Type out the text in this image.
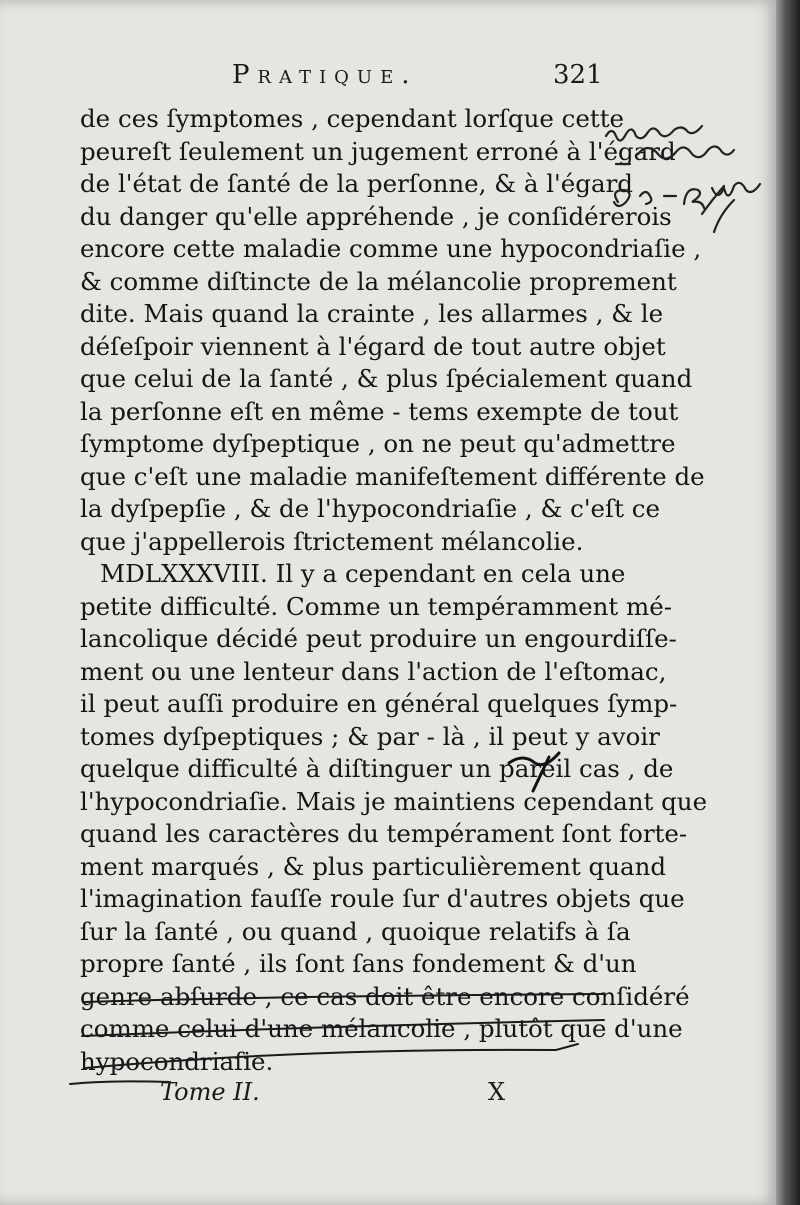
Pratique.	321
de ces ſymptomes , cependant lorſque cette
peureſt ſeulement un jugement erroné à l'égard
de l'état de ſanté de la perſonne, & à l'égard
du danger qu'elle appréhende , je conſidérerois
encore cette maladie comme une hypocondriaſie ,
& comme diſtincte de la mélancolie proprement
dite. Mais quand la crainte , les allarmes , & le
déſeſpoir viennent à l'égard de tout autre objet
que celui de la ſanté , & plus ſpécialement quand
la perſonne eſt en même - tems exempte de tout
ſymptome dyſpeptique , on ne peut qu'admettre
que c'eſt une maladie manifeſtement différente de
la dyſpepſie , & de l'hypocondriaſie , & c'eſt ce
que j'appellerois ſtrictement mélancolie.
MDLXXXVIII. Il y a cependant en cela une
petite difficulté. Comme un tempéramment mé-
lancolique décidé peut produire un engourdiſſe-
ment ou une lenteur dans l'action de l'eſtomac,
il peut auſſi produire en général quelques ſymp-
tomes dyſpeptiques ; & par - là , il peut y avoir
quelque difficulté à diſtinguer un pareil cas , de
l'hypocondriaſie. Mais je maintiens cependant que
quand les caractères du tempérament ſont forte-
ment marqués , & plus particulièrement quand
l'imagination fauſſe roule ſur d'autres objets que
ſur la ſanté , ou quand , quoique relatifs à ſa
propre ſanté , ils ſont ſans fondement & d'un
genre abſurde , ce cas doit être encore conſidéré
comme celui d'une mélancolie , plutôt que d'une
hypocondriaſie.
Tome II.	X
